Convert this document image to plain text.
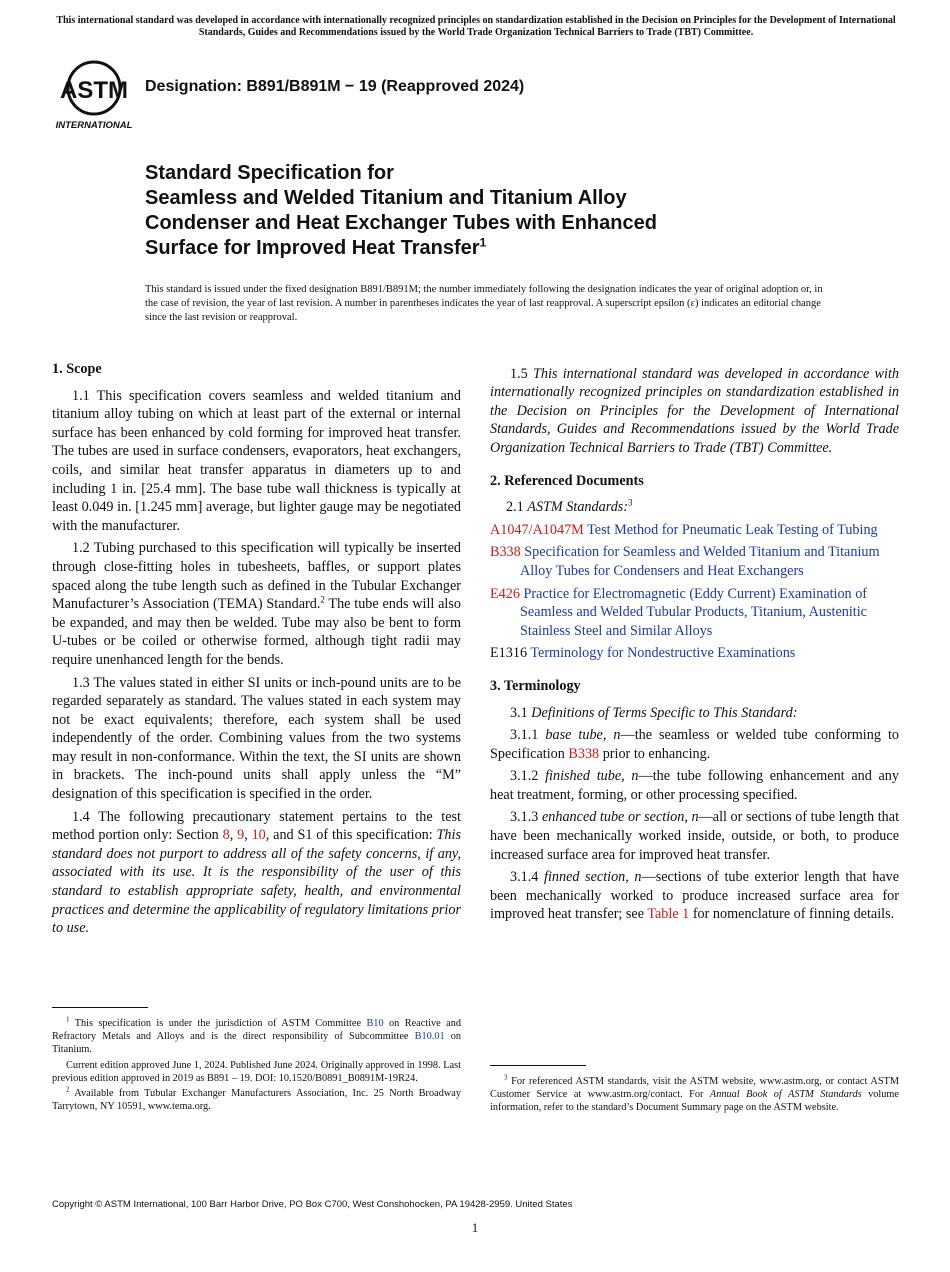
This international standard was developed in accordance with internationally recognized principles on standardization established in the Decision on Principles for the Development of International Standards, Guides and Recommendations issued by the World Trade Organization Technical Barriers to Trade (TBT) Committee.
ASTM
INTERNATIONAL
Designation: B891/B891M − 19 (Reapproved 2024)
Standard Specification for
Seamless and Welded Titanium and Titanium Alloy
Condenser and Heat Exchanger Tubes with Enhanced
Surface for Improved Heat Transfer$^1$
This standard is issued under the fixed designation B891/B891M; the number immediately following the designation indicates the year of original adoption or, in the case of revision, the year of last revision. A number in parentheses indicates the year of last reapproval. A superscript epsilon (ε) indicates an editorial change since the last revision or reapproval.
1. Scope

1.1 This specification covers seamless and welded titanium and titanium alloy tubing on which at least part of the external or internal surface has been enhanced by cold forming for improved heat transfer. The tubes are used in surface condensers, evaporators, heat exchangers, coils, and similar heat transfer apparatus in diameters up to and including 1 in. [25.4 mm]. The base tube wall thickness is typically at least 0.049 in. [1.245 mm] average, but lighter gauge may be negotiated with the manufacturer.

1.2 Tubing purchased to this specification will typically be inserted through close-fitting holes in tubesheets, baffles, or support plates spaced along the tube length such as defined in the Tubular Exchanger Manufacturer’s Association (TEMA) Standard.$^2$ The tube ends will also be expanded, and may then be welded. Tube may also be bent to form U-tubes or be coiled or otherwise formed, although tight radii may require unenhanced length for the bends.

1.3 The values stated in either SI units or inch-pound units are to be regarded separately as standard. The values stated in each system may not be exact equivalents; therefore, each system shall be used independently of the order. Combining values from the two systems may result in non-conformance. Within the text, the SI units are shown in brackets. The inch-pound units shall apply unless the “M” designation of this specification is specified in the order.

1.4 The following precautionary statement pertains to the test method portion only: Section 8, 9, 10, and S1 of this specification: This standard does not purport to address all of the safety concerns, if any, associated with its use. It is the responsibility of the user of this standard to establish appropriate safety, health, and environmental practices and determine the applicability of regulatory limitations prior to use.

1.5 This international standard was developed in accordance with internationally recognized principles on standardization established in the Decision on Principles for the Development of International Standards, Guides and Recommendations issued by the World Trade Organization Technical Barriers to Trade (TBT) Committee.

2. Referenced Documents

2.1 ASTM Standards:$^3$

A1047/A1047M Test Method for Pneumatic Leak Testing of Tubing

B338 Specification for Seamless and Welded Titanium and Titanium Alloy Tubes for Condensers and Heat Exchangers

E426 Practice for Electromagnetic (Eddy Current) Examination of Seamless and Welded Tubular Products, Titanium, Austenitic Stainless Steel and Similar Alloys

E1316 Terminology for Nondestructive Examinations

3. Terminology

3.1 Definitions of Terms Specific to This Standard:

3.1.1 base tube, n—the seamless or welded tube conforming to Specification B338 prior to enhancing.

3.1.2 finished tube, n—the tube following enhancement and any heat treatment, forming, or other processing specified.

3.1.3 enhanced tube or section, n—all or sections of tube length that have been mechanically worked inside, outside, or both, to produce increased surface area for improved heat transfer.

3.1.4 finned section, n—sections of tube exterior length that have been mechanically worked to produce increased surface area for improved heat transfer; see Table 1 for nomenclature of finning details.

$^1$ This specification is under the jurisdiction of ASTM Committee B10 on Reactive and Refractory Metals and Alloys and is the direct responsibility of Subcommittee B10.01 on Titanium.

Current edition approved June 1, 2024. Published June 2024. Originally approved in 1998. Last previous edition approved in 2019 as B891 – 19. DOI: 10.1520/B0891_B0891M-19R24.

$^2$ Available from Tubular Exchanger Manufacturers Association, Inc. 25 North Broadway Tarrytown, NY 10591, www.tema.org.

$^3$ For referenced ASTM standards, visit the ASTM website, www.astm.org, or contact ASTM Customer Service at www.astm.org/contact. For Annual Book of ASTM Standards volume information, refer to the standard’s Document Summary page on the ASTM website.

Copyright © ASTM International, 100 Barr Harbor Drive, PO Box C700, West Conshohocken, PA 19428-2959. United States
1
